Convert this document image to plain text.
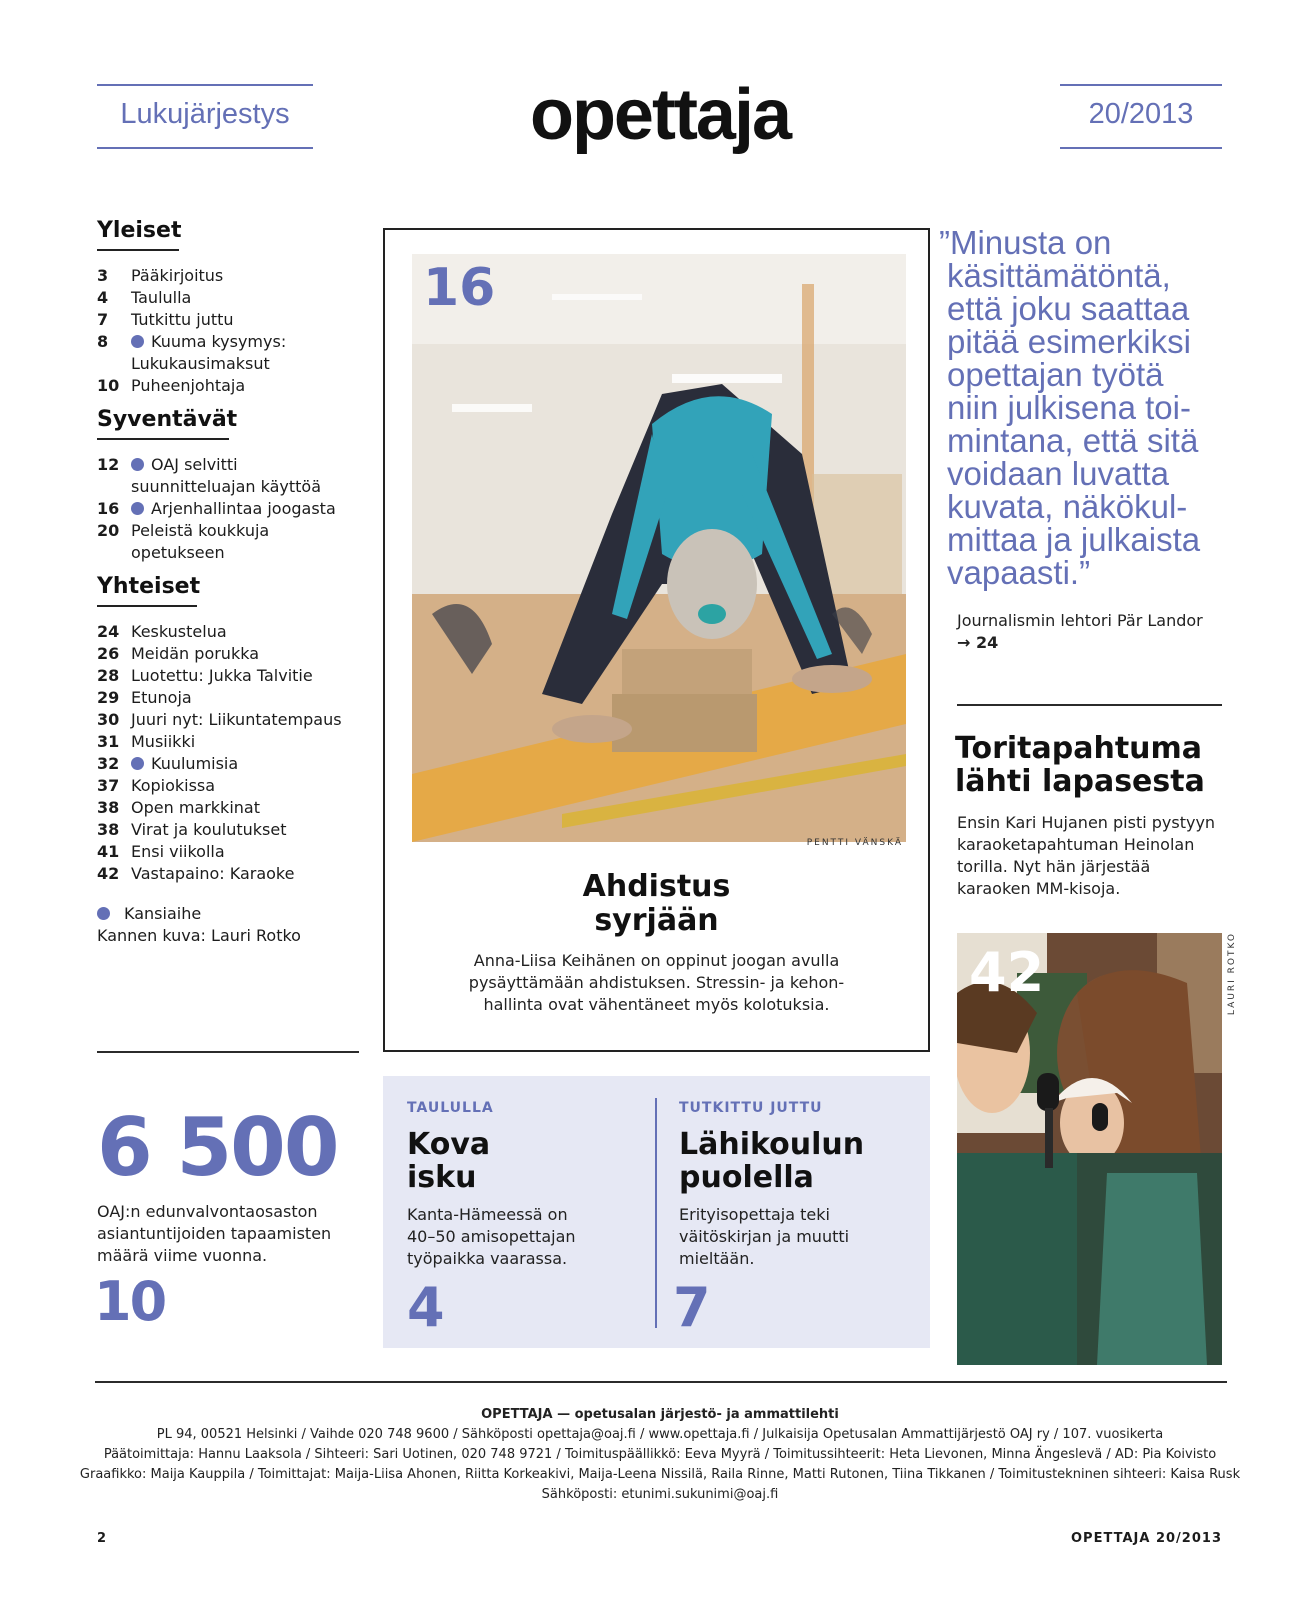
Lukujärjestys	opettaja	20/2013
Yleiset
3 Pääkirjoitus
4 Taululla
7 Tutkittu juttu
8	Kuuma kysymys: Lukukausimaksut
10 Puheenjohtaja
Syventävät
12 OAJ selvitti suunnitteluajan käyttöä
16 Arjenhallintaa joogasta
20 Peleistä koukkuja opetukseen
Yhteiset
24 Keskustelua
26 Meidän porukka
28 Luotettu: Jukka Talvitie
29 Etunoja
30 Juuri nyt: Liikuntatempaus
31 Musiikki
32 Kuulumisia
37 Kopiokissa
38 Open markkinat
38 Virat ja koulutukset
41 Ensi viikolla
42 Vastapaino: Karaoke
Kansiaihe
Kannen kuva: Lauri Rotko
16
PENTTI VÄNSKÄ
Ahdistus
syrjään
Anna-Liisa Keihänen on oppinut joogan avulla
pysäyttämään ahdistuksen. Stressin- ja kehon-
hallinta ovat vähentäneet myös kolotuksia.
”Minusta on
käsittämätöntä,
että joku saattaa
pitää esimerkiksi
opettajan työtä
niin julkisena toi-
mintana, että sitä
voidaan luvatta
kuvata, näkökul-
mittaa ja julkaista
vapaasti.”
Journalismin lehtori Pär Landor
→ 24
Toritapahtuma
lähti lapasesta
Ensin Kari Hujanen pisti pystyyn
karaoketapahtuman Heinolan
torilla. Nyt hän järjestää
karaoken MM-kisoja.
42	LAURI ROTKO
6 500
OAJ:n edunvalvontaosaston
asiantuntijoiden tapaamisten
määrä viime vuonna.
10
TAULULLA
Kova
isku
Kanta-Hämeessä on
40–50 amisopettajan
työpaikka vaarassa.
4
TUTKITTU JUTTU
Lähikoulun
puolella
Erityisopettaja teki
väitöskirjan ja muutti
mieltään.
7
OPETTAJA — opetusalan järjestö- ja ammattilehti
PL 94, 00521 Helsinki / Vaihde 020 748 9600 / Sähköposti opettaja@oaj.fi / www.opettaja.fi / Julkaisija Opetusalan Ammattijärjestö OAJ ry / 107. vuosikerta
Päätoimittaja: Hannu Laaksola / Sihteeri: Sari Uotinen, 020 748 9721 / Toimituspäällikkö: Eeva Myyrä / Toimitussihteerit: Heta Lievonen, Minna Ängeslevä / AD: Pia Koivisto
Graafikko: Maija Kauppila / Toimittajat: Maija-Liisa Ahonen, Riitta Korkeakivi, Maija-Leena Nissilä, Raila Rinne, Matti Rutonen, Tiina Tikkanen / Toimitustekninen sihteeri: Kaisa Rusk
Sähköposti: etunimi.sukunimi@oaj.fi
2	OPETTAJA 20/2013
